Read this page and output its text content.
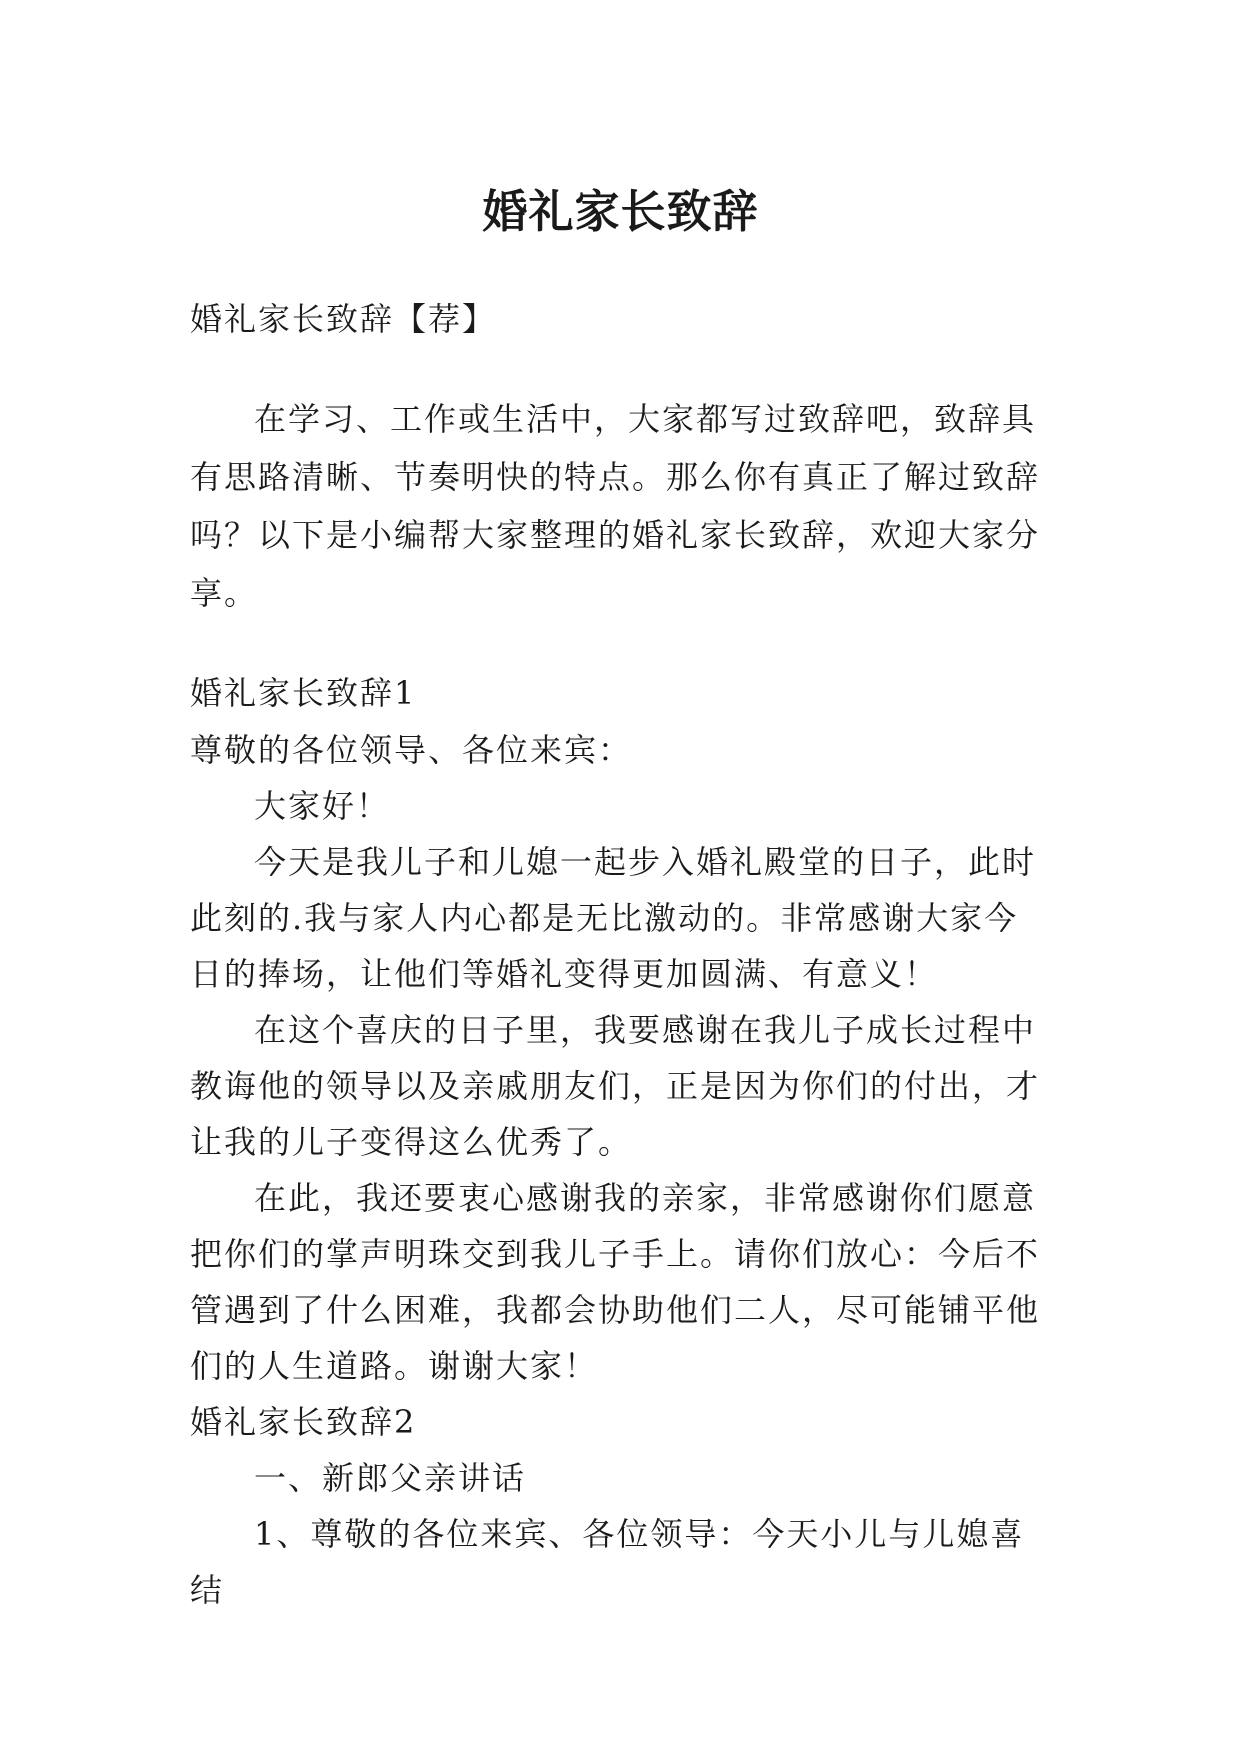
婚礼家长致辞

婚礼家长致辞【荐】

在学习、工作或生活中，大家都写过致辞吧，致辞具有思路清晰、节奏明快的特点。那么你有真正了解过致辞吗？以下是小编帮大家整理的婚礼家长致辞，欢迎大家分享。

婚礼家长致辞1

尊敬的各位领导、各位来宾：

大家好！

今天是我儿子和儿媳一起步入婚礼殿堂的日子，此时此刻的.我与家人内心都是无比激动的。非常感谢大家今日的捧场，让他们等婚礼变得更加圆满、有意义！

在这个喜庆的日子里，我要感谢在我儿子成长过程中教诲他的领导以及亲戚朋友们，正是因为你们的付出，才让我的儿子变得这么优秀了。

在此，我还要衷心感谢我的亲家，非常感谢你们愿意把你们的掌声明珠交到我儿子手上。请你们放心：今后不管遇到了什么困难，我都会协助他们二人，尽可能铺平他们的人生道路。谢谢大家！

婚礼家长致辞2

一、新郎父亲讲话

1、尊敬的各位来宾、各位领导：今天小儿与儿媳喜结
